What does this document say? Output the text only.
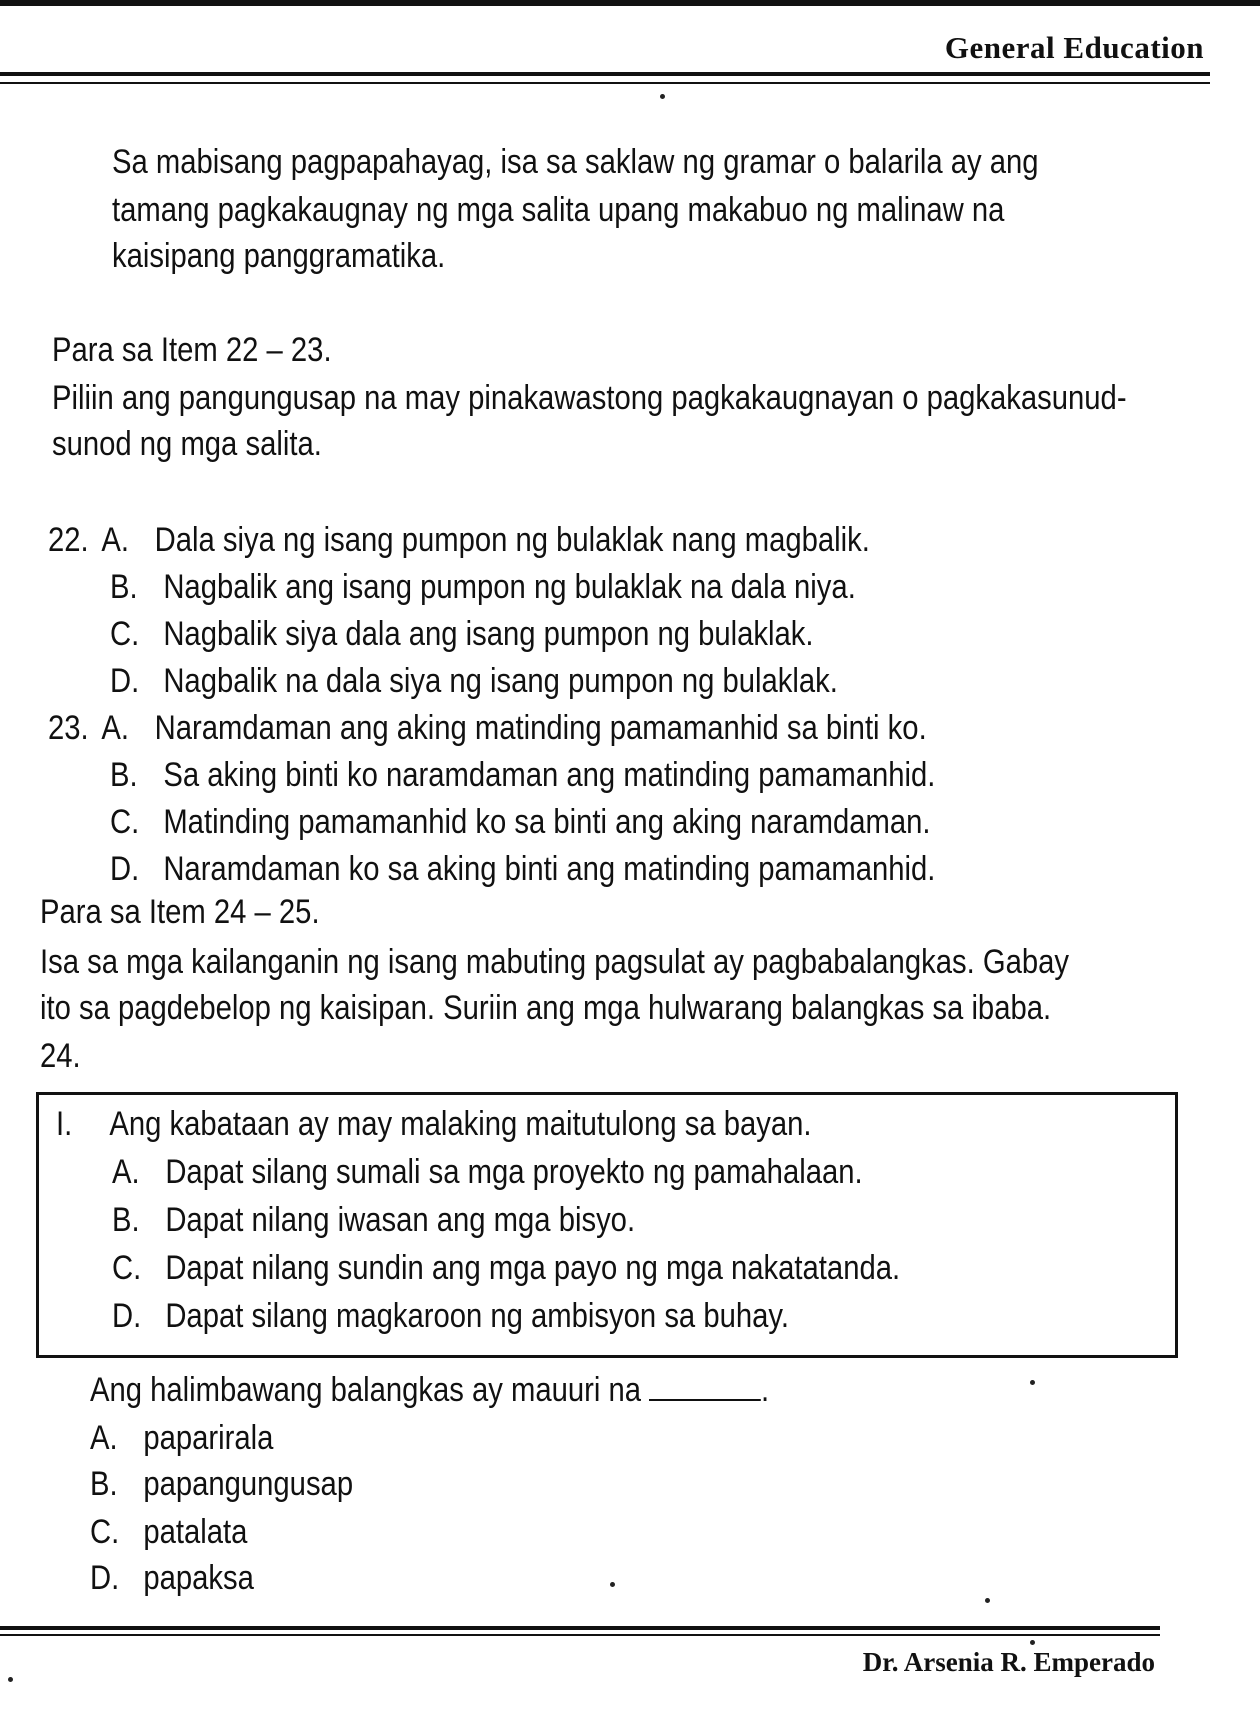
General Education
Sa mabisang pagpapahayag, isa sa saklaw ng gramar o balarila ay ang
tamang pagkakaugnay ng mga salita upang makabuo ng malinaw na
kaisipang panggramatika.
Para sa Item 22 – 23.
Piliin ang pangungusap na may pinakawastong pagkakaugnayan o pagkakasunud-
sunod ng mga salita.
22. A. Dala siya ng isang pumpon ng bulaklak nang magbalik.
B. Nagbalik ang isang pumpon ng bulaklak na dala niya.
C. Nagbalik siya dala ang isang pumpon ng bulaklak.
D. Nagbalik na dala siya ng isang pumpon ng bulaklak.
23. A. Naramdaman ang aking matinding pamamanhid sa binti ko.
B. Sa aking binti ko naramdaman ang matinding pamamanhid.
C. Matinding pamamanhid ko sa binti ang aking naramdaman.
D. Naramdaman ko sa aking binti ang matinding pamamanhid.
Para sa Item 24 – 25.
Isa sa mga kailanganin ng isang mabuting pagsulat ay pagbabalangkas. Gabay
ito sa pagdebelop ng kaisipan. Suriin ang mga hulwarang balangkas sa ibaba.
24.
I. Ang kabataan ay may malaking maitutulong sa bayan.
A. Dapat silang sumali sa mga proyekto ng pamahalaan.
B. Dapat nilang iwasan ang mga bisyo.
C. Dapat nilang sundin ang mga payo ng mga nakatatanda.
D. Dapat silang magkaroon ng ambisyon sa buhay.
Ang halimbawang balangkas ay mauuri na	.
A. paparirala
B. papangungusap
C. patalata
D. papaksa
Dr. Arsenia R. Emperado
